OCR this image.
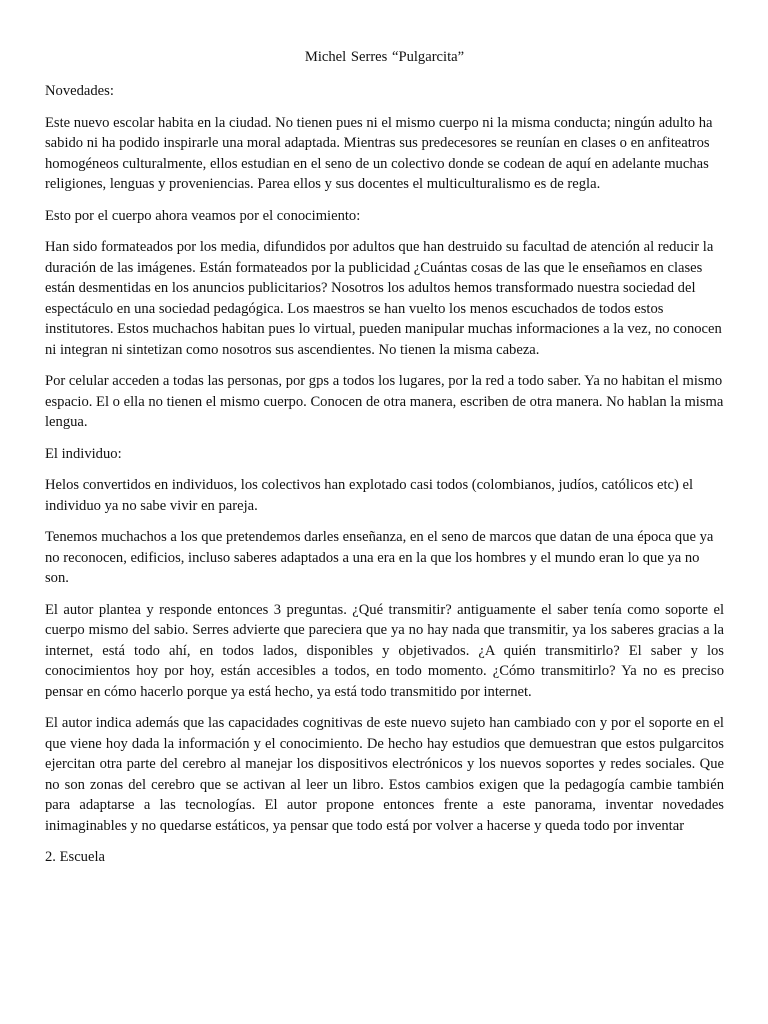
Michel Serres “Pulgarcita”
Novedades:

Este nuevo escolar habita en la ciudad. No tienen pues ni el mismo cuerpo ni la misma conducta; ningún adulto ha sabido ni ha podido inspirarle una moral adaptada. Mientras sus predecesores se reunían en clases o en anfiteatros homogéneos culturalmente, ellos estudian en el seno de un colectivo donde se codean de aquí en adelante muchas religiones, lenguas y proveniencias. Parea ellos y sus docentes el multiculturalismo es de regla.

Esto por el cuerpo ahora veamos por el conocimiento:

Han sido formateados por los media, difundidos por adultos que han destruido su facultad de atención al reducir la duración de las imágenes. Están formateados por la publicidad ¿Cuántas cosas de las que le enseñamos en clases están desmentidas en los anuncios publicitarios? Nosotros los adultos hemos transformado nuestra sociedad del espectáculo en una sociedad pedagógica. Los maestros se han vuelto los menos escuchados de todos estos institutores. Estos muchachos habitan pues lo virtual, pueden manipular muchas informaciones a la vez, no conocen ni integran ni sintetizan como nosotros sus ascendientes. No tienen la misma cabeza.

Por celular acceden a todas las personas, por gps a todos los lugares, por la red a todo saber. Ya no habitan el mismo espacio. El o ella no tienen el mismo cuerpo. Conocen de otra manera, escriben de otra manera. No hablan la misma lengua.

El individuo:

Helos convertidos en individuos, los colectivos han explotado casi todos (colombianos, judíos, católicos etc) el individuo ya no sabe vivir en pareja.

Tenemos muchachos a los que pretendemos darles enseñanza, en el seno de marcos que datan de una época que ya no reconocen, edificios, incluso saberes adaptados a una era en la que los hombres y el mundo eran lo que ya no son.

El autor plantea y responde entonces 3 preguntas. ¿Qué transmitir? antiguamente el saber tenía como soporte el cuerpo mismo del sabio. Serres advierte que pareciera que ya no hay nada que transmitir, ya los saberes gracias a la internet, está todo ahí, en todos lados, disponibles y objetivados. ¿A quién transmitirlo? El saber y los conocimientos hoy por hoy, están accesibles a todos, en todo momento. ¿Cómo transmitirlo? Ya no es preciso pensar en cómo hacerlo porque ya está hecho, ya está todo transmitido por internet.

El autor indica además que las capacidades cognitivas de este nuevo sujeto han cambiado con y por el soporte en el que viene hoy dada la información y el conocimiento. De hecho hay estudios que demuestran que estos pulgarcitos ejercitan otra parte del cerebro al manejar los dispositivos electrónicos y los nuevos soportes y redes sociales. Que no son zonas del cerebro que se activan al leer un libro. Estos cambios exigen que la pedagogía cambie también para adaptarse a las tecnologías. El autor propone entonces frente a este panorama, inventar novedades inimaginables y no quedarse estáticos, ya pensar que todo está por volver a hacerse y queda todo por inventar

2. Escuela
